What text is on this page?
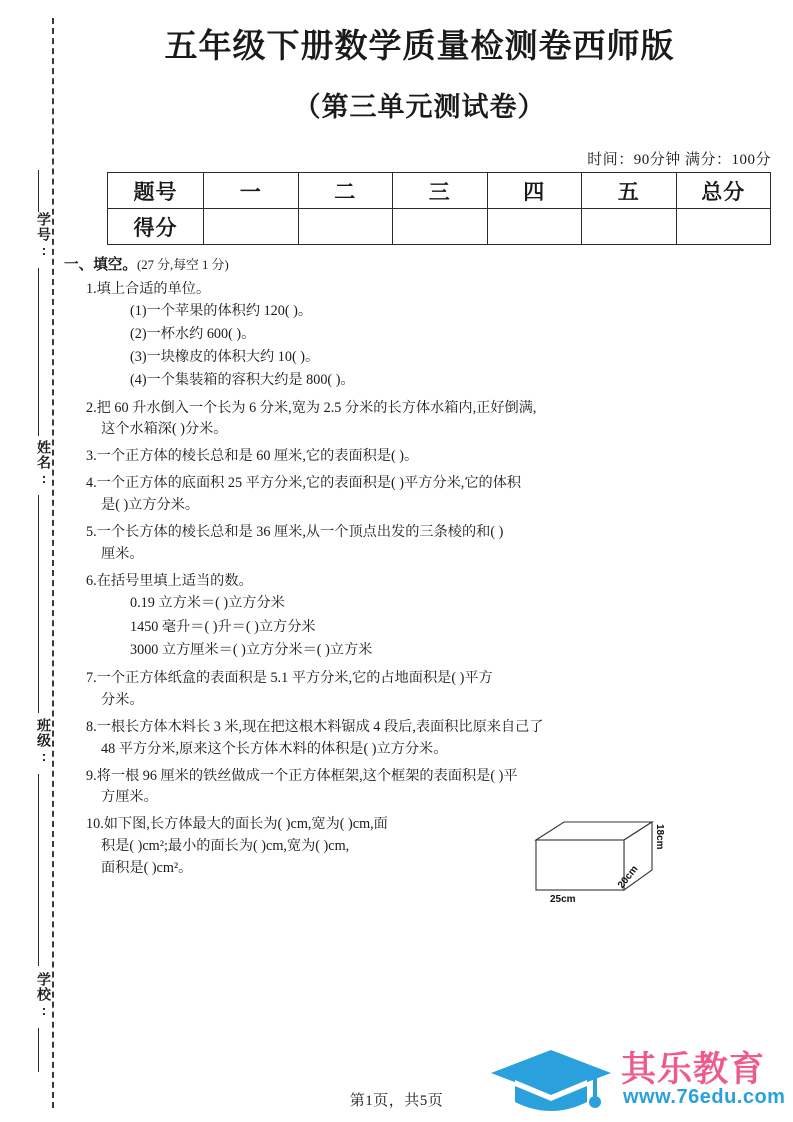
学号:
姓名:
班级:
学校:
五年级下册数学质量检测卷西师版
（第三单元测试卷）
时间：90分钟 满分：100分
题号	一	二	三	四	五	总分
得分						
一、填空。(27 分,每空 1 分)
1.填上合适的单位。
(1)一个苹果的体积约 120( )。
(2)一杯水约 600( )。
(3)一块橡皮的体积大约 10( )。
(4)一个集装箱的容积大约是 800( )。
2.把 60 升水倒入一个长为 6 分米,宽为 2.5 分米的长方体水箱内,正好倒满,
这个水箱深( )分米。
3.一个正方体的棱长总和是 60 厘米,它的表面积是( )。
4.一个正方体的底面积 25 平方分米,它的表面积是( )平方分米,它的体积
是( )立方分米。
5.一个长方体的棱长总和是 36 厘米,从一个顶点出发的三条棱的和( )
厘米。
6.在括号里填上适当的数。
0.19 立方米＝( )立方分米
1450 毫升＝( )升＝( )立方分米
3000 立方厘米＝( )立方分米＝( )立方米
7.一个正方体纸盒的表面积是 5.1 平方分米,它的占地面积是( )平方
分米。
8.一根长方体木料长 3 米,现在把这根木料锯成 4 段后,表面积比原来自己了
48 平方分米,原来这个长方体木料的体积是( )立方分米。
9.将一根 96 厘米的铁丝做成一个正方体框架,这个框架的表面积是( )平
方厘米。
10.如下图,长方体最大的面长为( )cm,宽为( )cm,面
积是( )cm²;最小的面长为( )cm,宽为( )cm,
面积是( )cm²。
25cm
20cm
18cm
第1页，共5页
其乐教育
www.76edu.com
